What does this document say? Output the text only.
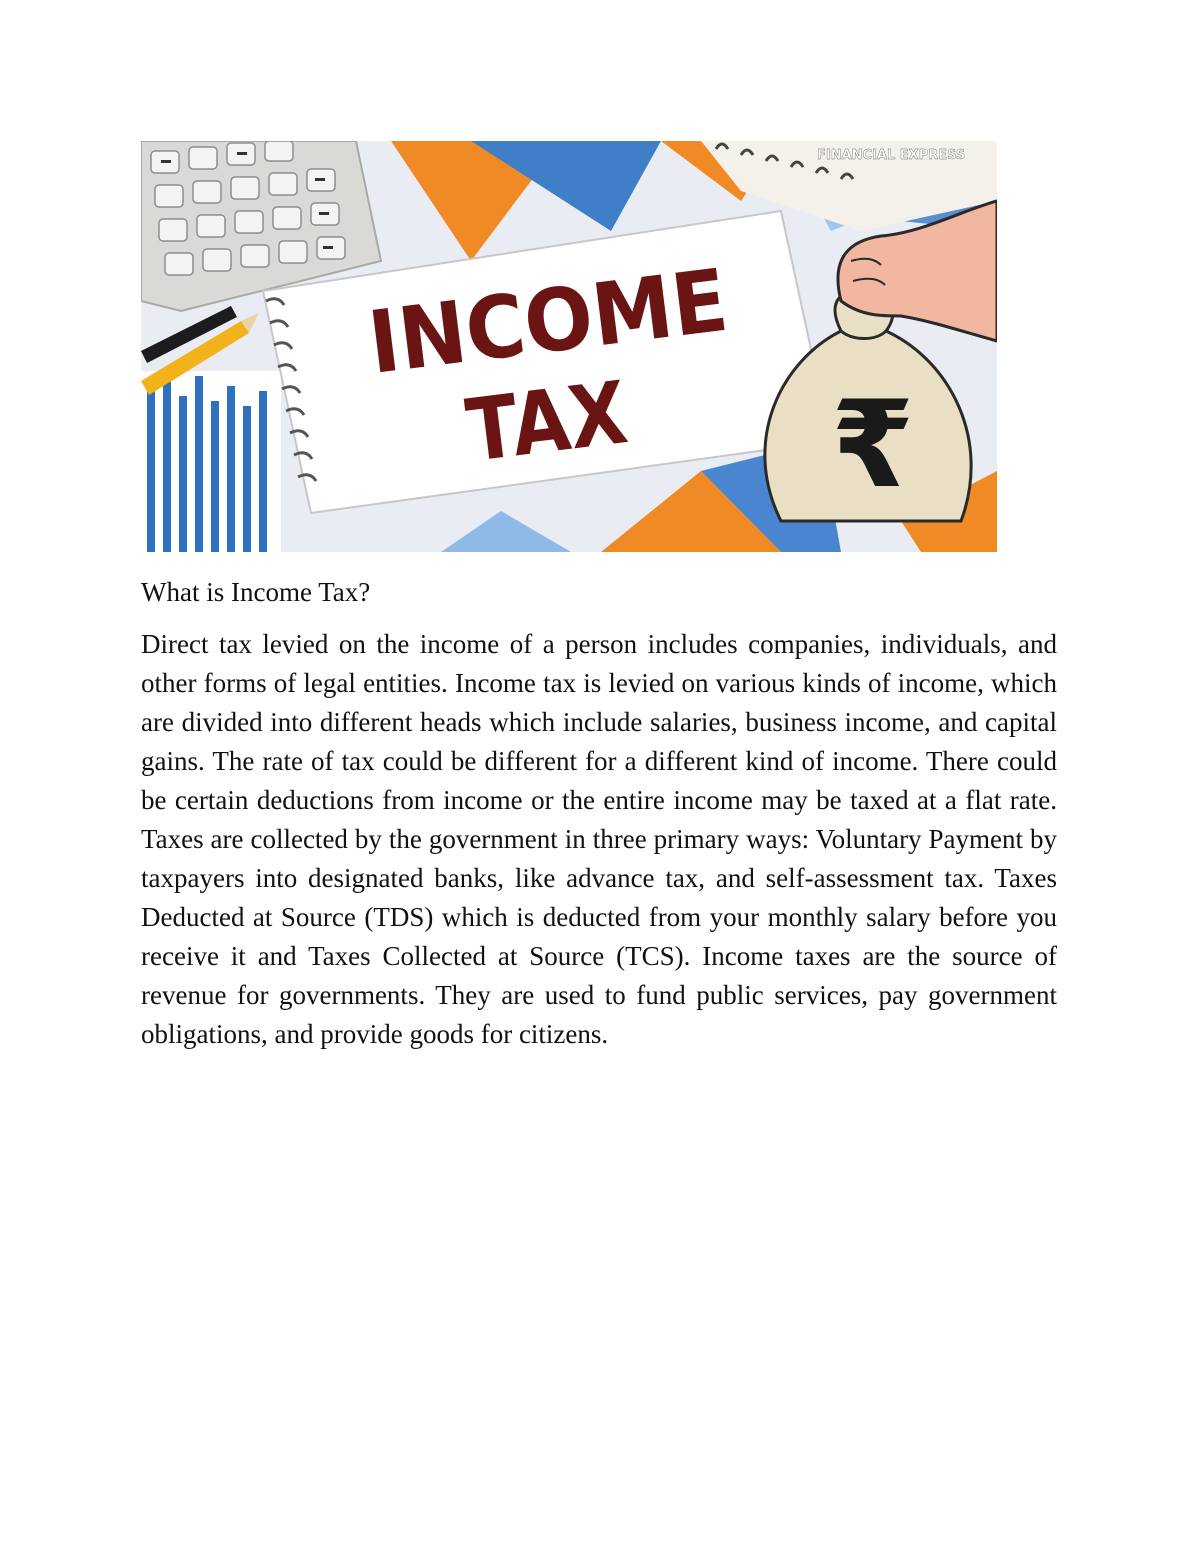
INCOME
TAX ₹
FINANCIAL EXPRESS
What is Income Tax?

Direct tax levied on the income of a person includes companies, individuals, and other forms of legal entities. Income tax is levied on various kinds of income, which are divided into different heads which include salaries, business income, and capital gains. The rate of tax could be different for a different kind of income. There could be certain deductions from income or the entire income may be taxed at a flat rate. Taxes are collected by the government in three primary ways: Voluntary Payment by taxpayers into designated banks, like advance tax, and self-assessment tax. Taxes Deducted at Source (TDS) which is deducted from your monthly salary before you receive it and Taxes Collected at Source (TCS). Income taxes are the source of revenue for governments. They are used to fund public services, pay government obligations, and provide goods for citizens.
